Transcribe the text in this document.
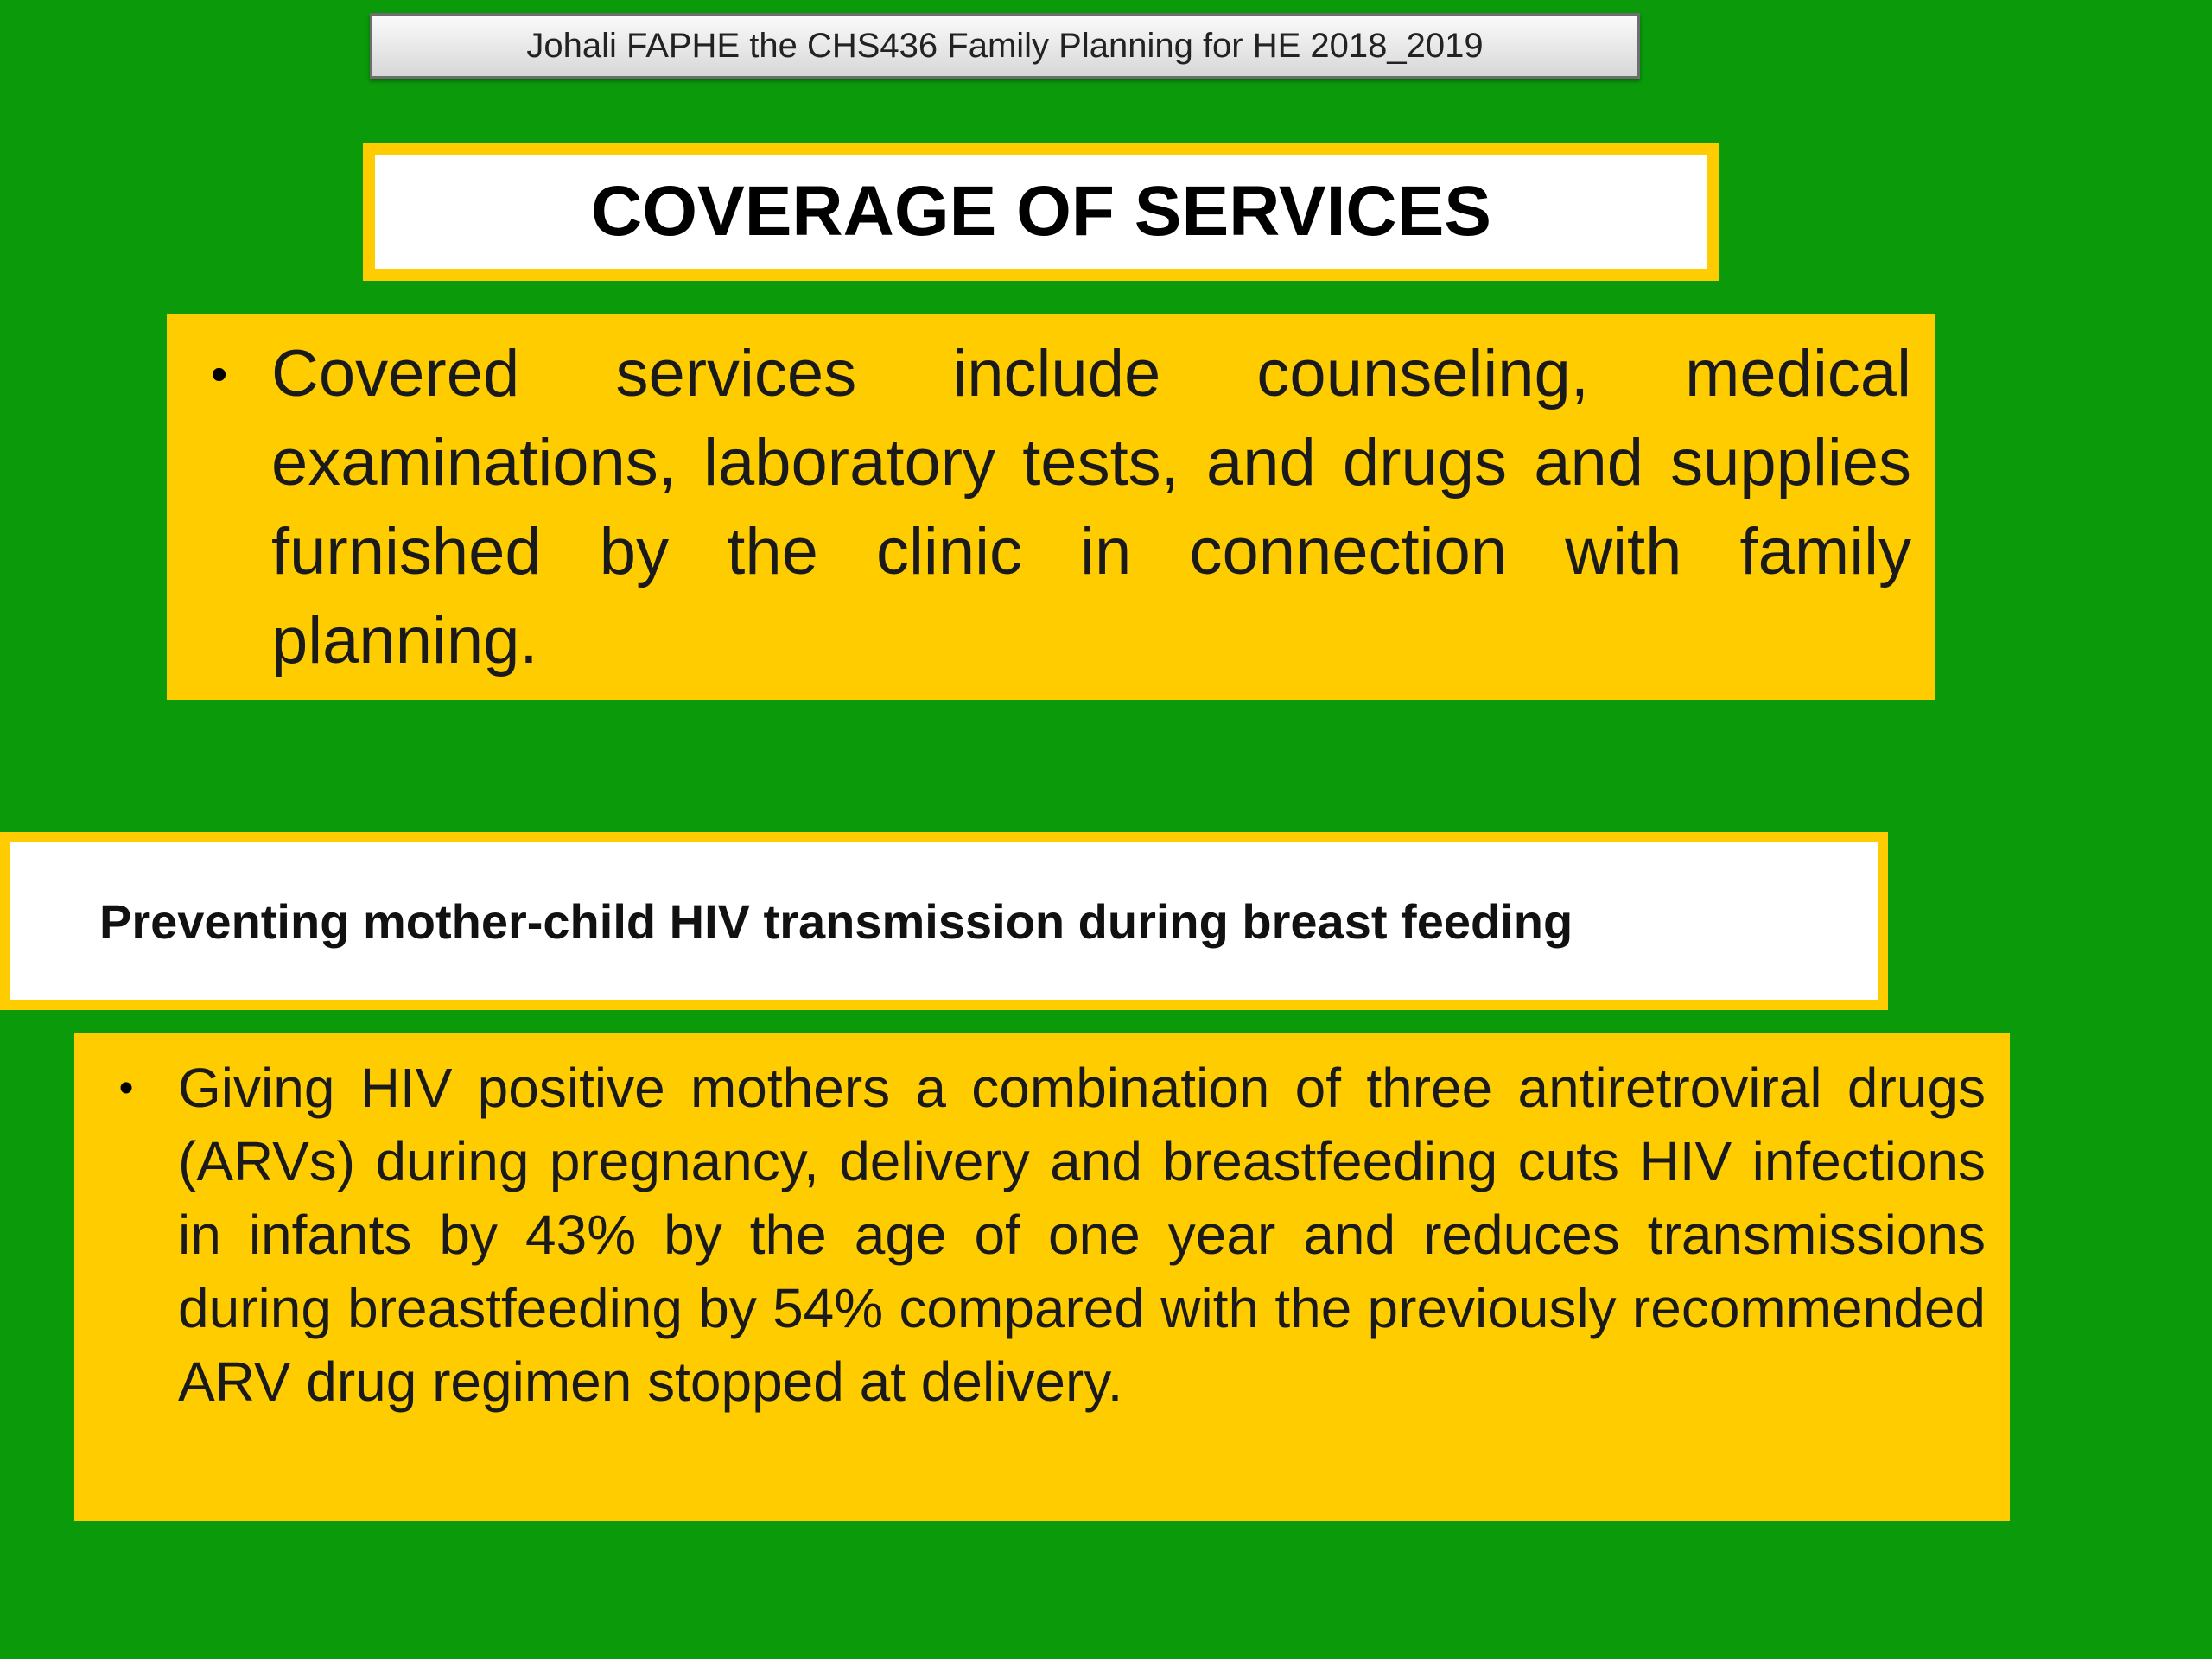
Johali FAPHE the CHS436 Family Planning for HE 2018_2019
COVERAGE OF SERVICES
• Covered services include counseling, medical examinations, laboratory tests, and drugs and supplies furnished by the clinic in connection with family planning.
Preventing mother-child HIV transmission during breast feeding
• Giving HIV positive mothers a combination of three antiretroviral drugs (ARVs) during pregnancy, delivery and breastfeeding cuts HIV infections in infants by 43% by the age of one year and reduces transmissions during breastfeeding by 54% compared with the previously recommended ARV drug regimen stopped at delivery.
